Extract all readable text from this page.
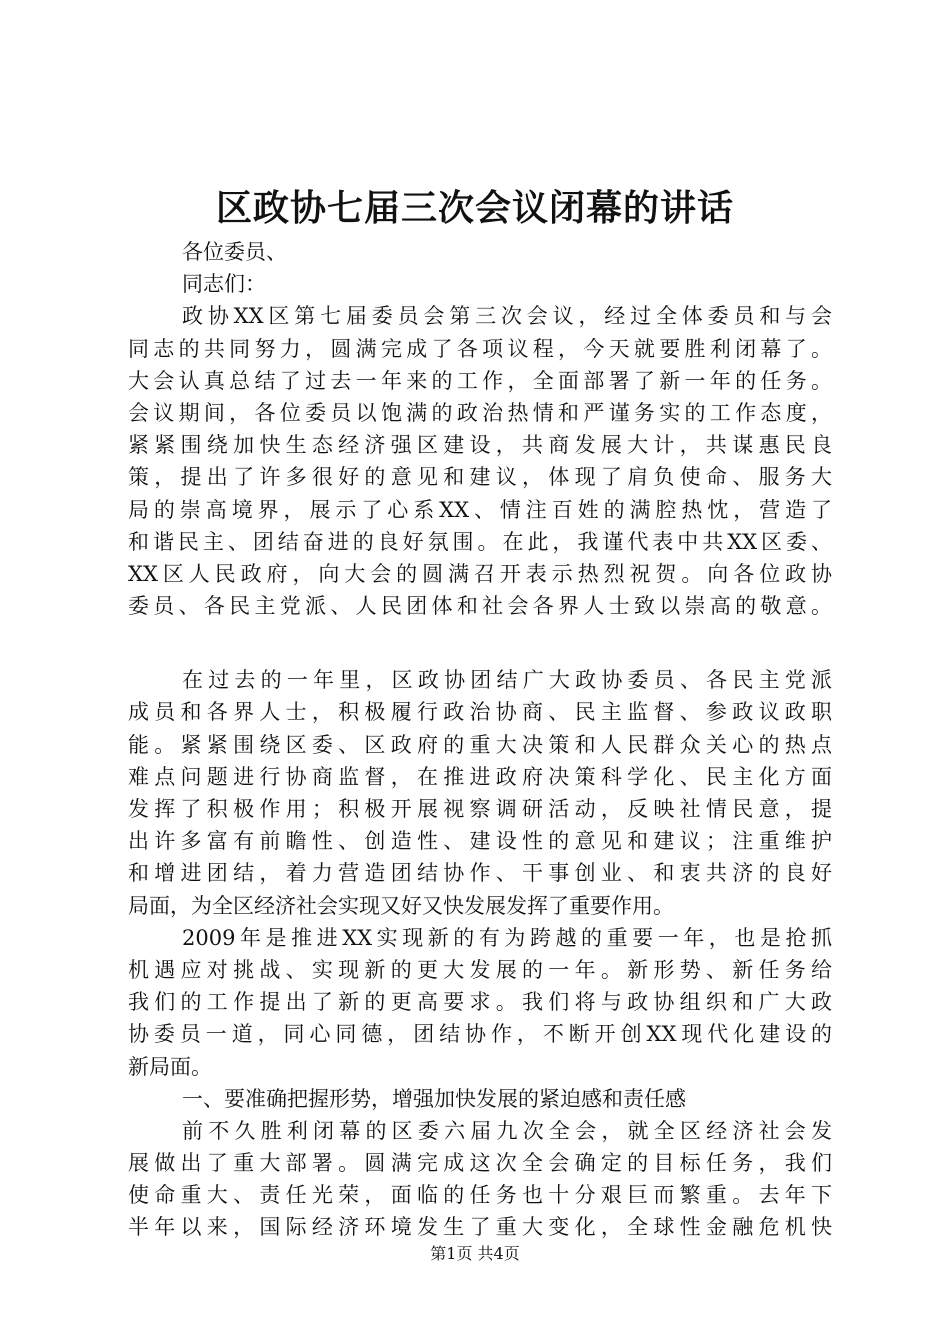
区政协七届三次会议闭幕的讲话
各位委员、
同志们：
政协XX区第七届委员会第三次会议，经过全体委员和与会
同志的共同努力，圆满完成了各项议程，今天就要胜利闭幕了。
大会认真总结了过去一年来的工作，全面部署了新一年的任务。
会议期间，各位委员以饱满的政治热情和严谨务实的工作态度，
紧紧围绕加快生态经济强区建设，共商发展大计，共谋惠民良
策，提出了许多很好的意见和建议，体现了肩负使命、服务大
局的崇高境界，展示了心系XX、情注百姓的满腔热忱，营造了
和谐民主、团结奋进的良好氛围。在此，我谨代表中共XX区委、
XX区人民政府，向大会的圆满召开表示热烈祝贺。向各位政协
委员、各民主党派、人民团体和社会各界人士致以崇高的敬意。
在过去的一年里，区政协团结广大政协委员、各民主党派
成员和各界人士，积极履行政治协商、民主监督、参政议政职
能。紧紧围绕区委、区政府的重大决策和人民群众关心的热点
难点问题进行协商监督，在推进政府决策科学化、民主化方面
发挥了积极作用；积极开展视察调研活动，反映社情民意，提
出许多富有前瞻性、创造性、建设性的意见和建议；注重维护
和增进团结，着力营造团结协作、干事创业、和衷共济的良好
局面，为全区经济社会实现又好又快发展发挥了重要作用。
2009年是推进XX实现新的有为跨越的重要一年，也是抢抓
机遇应对挑战、实现新的更大发展的一年。新形势、新任务给
我们的工作提出了新的更高要求。我们将与政协组织和广大政
协委员一道，同心同德，团结协作，不断开创XX现代化建设的
新局面。
一、要准确把握形势，增强加快发展的紧迫感和责任感
前不久胜利闭幕的区委六届九次全会，就全区经济社会发
展做出了重大部署。圆满完成这次全会确定的目标任务，我们
使命重大、责任光荣，面临的任务也十分艰巨而繁重。去年下
半年以来，国际经济环境发生了重大变化，全球性金融危机快
第1页 共4页
